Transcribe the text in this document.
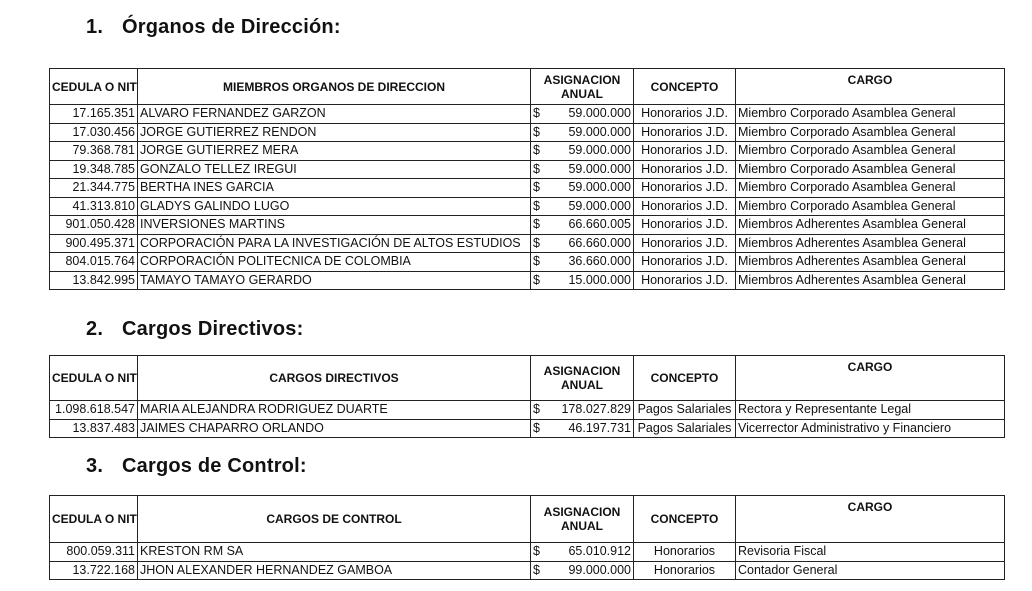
1. Órganos de Dirección:
CEDULA O NIT	MIEMBROS ORGANOS DE DIRECCION	ASIGNACION ANUAL	CONCEPTO	CARGO
17.165.351	ALVARO FERNANDEZ GARZON	$ 59.000.000	Honorarios J.D.	Miembro Corporado Asamblea General
17.030.456	JORGE GUTIERREZ RENDON	$ 59.000.000	Honorarios J.D.	Miembro Corporado Asamblea General
79.368.781	JORGE GUTIERREZ MERA	$ 59.000.000	Honorarios J.D.	Miembro Corporado Asamblea General
19.348.785	GONZALO TELLEZ IREGUI	$ 59.000.000	Honorarios J.D.	Miembro Corporado Asamblea General
21.344.775	BERTHA INES GARCIA	$ 59.000.000	Honorarios J.D.	Miembro Corporado Asamblea General
41.313.810	GLADYS GALINDO LUGO	$ 59.000.000	Honorarios J.D.	Miembro Corporado Asamblea General
901.050.428	INVERSIONES MARTINS	$ 66.660.005	Honorarios J.D.	Miembros Adherentes Asamblea General
900.495.371	CORPORACIÓN PARA LA INVESTIGACIÓN DE ALTOS ESTUDIOS	$ 66.660.000	Honorarios J.D.	Miembros Adherentes Asamblea General
804.015.764	CORPORACIÓN POLITECNICA DE COLOMBIA	$ 36.660.000	Honorarios J.D.	Miembros Adherentes Asamblea General
13.842.995	TAMAYO TAMAYO GERARDO	$ 15.000.000	Honorarios J.D.	Miembros Adherentes Asamblea General
2. Cargos Directivos:
CEDULA O NIT	CARGOS DIRECTIVOS	ASIGNACION ANUAL	CONCEPTO	CARGO
1.098.618.547	MARIA ALEJANDRA RODRIGUEZ DUARTE	$ 178.027.829	Pagos Salariales	Rectora y Representante Legal
13.837.483	JAIMES CHAPARRO ORLANDO	$ 46.197.731	Pagos Salariales	Vicerrector Administrativo y Financiero
3. Cargos de Control:
CEDULA O NIT	CARGOS DE CONTROL	ASIGNACION ANUAL	CONCEPTO	CARGO
800.059.311	KRESTON RM SA	$ 65.010.912	Honorarios	Revisoria Fiscal
13.722.168	JHON ALEXANDER HERNANDEZ GAMBOA	$ 99.000.000	Honorarios	Contador General
